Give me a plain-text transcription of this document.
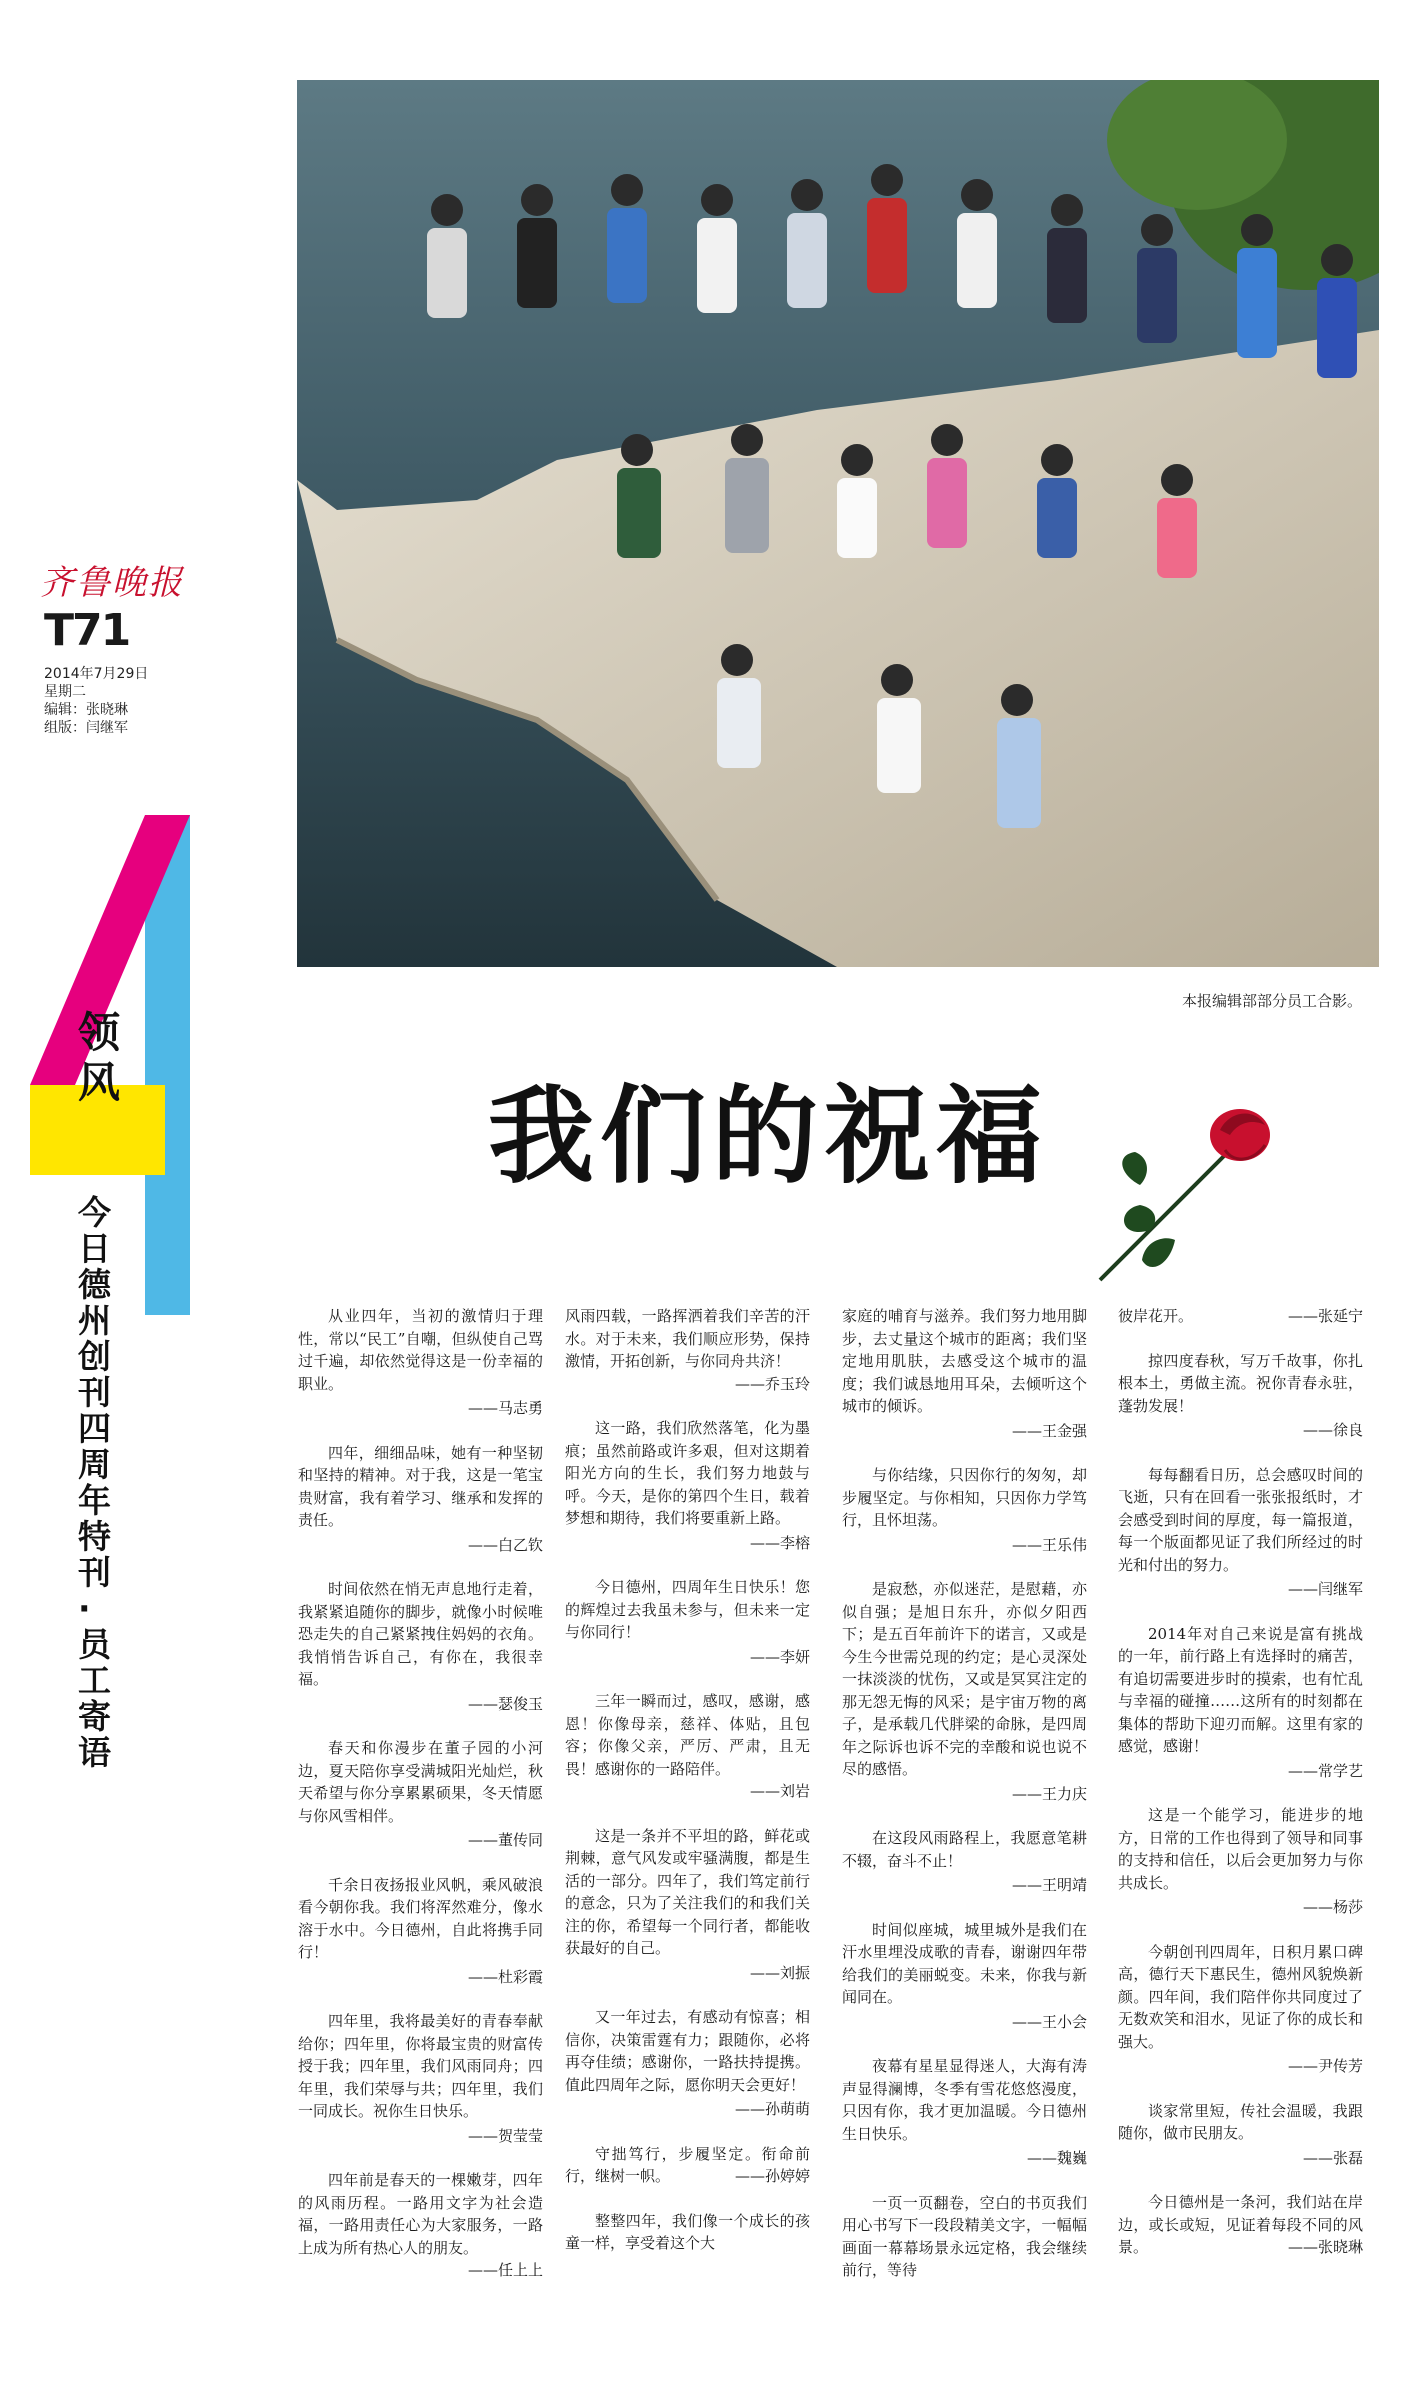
齐鲁晚报
T71
2014年7月29日
星期二
编辑：张晓琳
组版：闫继军
领风
今日德州创刊四周年特刊·员工寄语
本报编辑部部分员工合影。
我们的祝福
从业四年，当初的激情归于理性，常以“民工”自嘲，但纵使自己骂过千遍，却依然觉得这是一份幸福的职业。
——马志勇
四年，细细品味，她有一种坚韧和坚持的精神。对于我，这是一笔宝贵财富，我有着学习、继承和发挥的责任。
——白乙钦
时间依然在悄无声息地行走着，我紧紧追随你的脚步，就像小时候唯恐走失的自己紧紧拽住妈妈的衣角。我悄悄告诉自己，有你在，我很幸福。
——瑟俊玉
春天和你漫步在董子园的小河边，夏天陪你享受满城阳光灿烂，秋天希望与你分享累累硕果，冬天情愿与你风雪相伴。
——董传同
千余日夜扬报业风帆，乘风破浪看今朝你我。我们将浑然难分，像水溶于水中。今日德州，自此将携手同行！
——杜彩霞
四年里，我将最美好的青春奉献给你；四年里，你将最宝贵的财富传授于我；四年里，我们风雨同舟；四年里，我们荣辱与共；四年里，我们一同成长。祝你生日快乐。
——贺莹莹
四年前是春天的一棵嫩芽，四年的风雨历程。一路用文字为社会造福，一路用责任心为大家服务，一路上成为所有热心人的朋友。
——任上上
风雨四载，一路挥洒着我们辛苦的汗水。对于未来，我们顺应形势，保持激情，开拓创新，与你同舟共济！
——乔玉玲
这一路，我们欣然落笔，化为墨痕；虽然前路或许多艰，但对这期着阳光方向的生长，我们努力地鼓与呼。今天，是你的第四个生日，载着梦想和期待，我们将要重新上路。
——李榕
今日德州，四周年生日快乐！您的辉煌过去我虽未参与，但未来一定与你同行！
——李妍
三年一瞬而过，感叹，感谢，感恩！你像母亲，慈祥、体贴，且包容；你像父亲，严厉、严肃，且无畏！感谢你的一路陪伴。
——刘岩
这是一条并不平坦的路，鲜花或荆棘，意气风发或牢骚满腹，都是生活的一部分。四年了，我们笃定前行的意念，只为了关注我们的和我们关注的你，希望每一个同行者，都能收获最好的自己。
——刘振
又一年过去，有感动有惊喜；相信你，决策雷霆有力；跟随你，必将再夺佳绩；感谢你，一路扶持提携。值此四周年之际，愿你明天会更好！
——孙萌萌
守拙笃行，步履坚定。衔命前行，继树一帜。	——孙婷婷
整整四年，我们像一个成长的孩童一样，享受着这个大
家庭的哺育与滋养。我们努力地用脚步，去丈量这个城市的距离；我们坚定地用肌肤，去感受这个城市的温度；我们诚恳地用耳朵，去倾听这个城市的倾诉。
——王金强
与你结缘，只因你行的匆匆，却步履坚定。与你相知，只因你力学笃行，且怀坦荡。
——王乐伟
是寂愁，亦似迷茫，是慰藉，亦似自强；是旭日东升，亦似夕阳西下；是五百年前许下的诺言，又或是今生今世需兑现的约定；是心灵深处一抹淡淡的忧伤，又或是冥冥注定的那无怨无悔的风采；是宇宙万物的离子，是承载几代胖梁的命脉，是四周年之际诉也诉不完的幸酸和说也说不尽的感悟。
——王力庆
在这段风雨路程上，我愿意笔耕不辍，奋斗不止！
——王明靖
时间似座城，城里城外是我们在汗水里埋没成歌的青春，谢谢四年带给我们的美丽蜕变。未来，你我与新闻同在。
——王小会
夜幕有星星显得迷人，大海有涛声显得澜博，冬季有雪花悠悠漫度，只因有你，我才更加温暖。今日德州生日快乐。
——魏巍
一页一页翻卷，空白的书页我们用心书写下一段段精美文字，一幅幅画面一幕幕场景永远定格，我会继续前行，等待
彼岸花开。	——张延宁
掠四度春秋，写万千故事，你扎根本土，勇做主流。祝你青春永驻，蓬勃发展！
——徐良
每每翻看日历，总会感叹时间的飞逝，只有在回看一张张报纸时，才会感受到时间的厚度，每一篇报道，每一个版面都见证了我们所经过的时光和付出的努力。
——闫继军
2014年对自己来说是富有挑战的一年，前行路上有选择时的痛苦，有追切需要进步时的摸索，也有忙乱与幸福的碰撞……这所有的时刻都在集体的帮助下迎刃而解。这里有家的感觉，感谢！
——常学艺
这是一个能学习，能进步的地方，日常的工作也得到了领导和同事的支持和信任，以后会更加努力与你共成长。
——杨莎
今朝创刊四周年，日积月累口碑高，德行天下惠民生，德州风貌焕新颜。四年间，我们陪伴你共同度过了无数欢笑和泪水，见证了你的成长和强大。
——尹传芳
谈家常里短，传社会温暖，我跟随你，做市民朋友。
——张磊
今日德州是一条河，我们站在岸边，或长或短，见证着每段不同的风景。	——张晓琳
